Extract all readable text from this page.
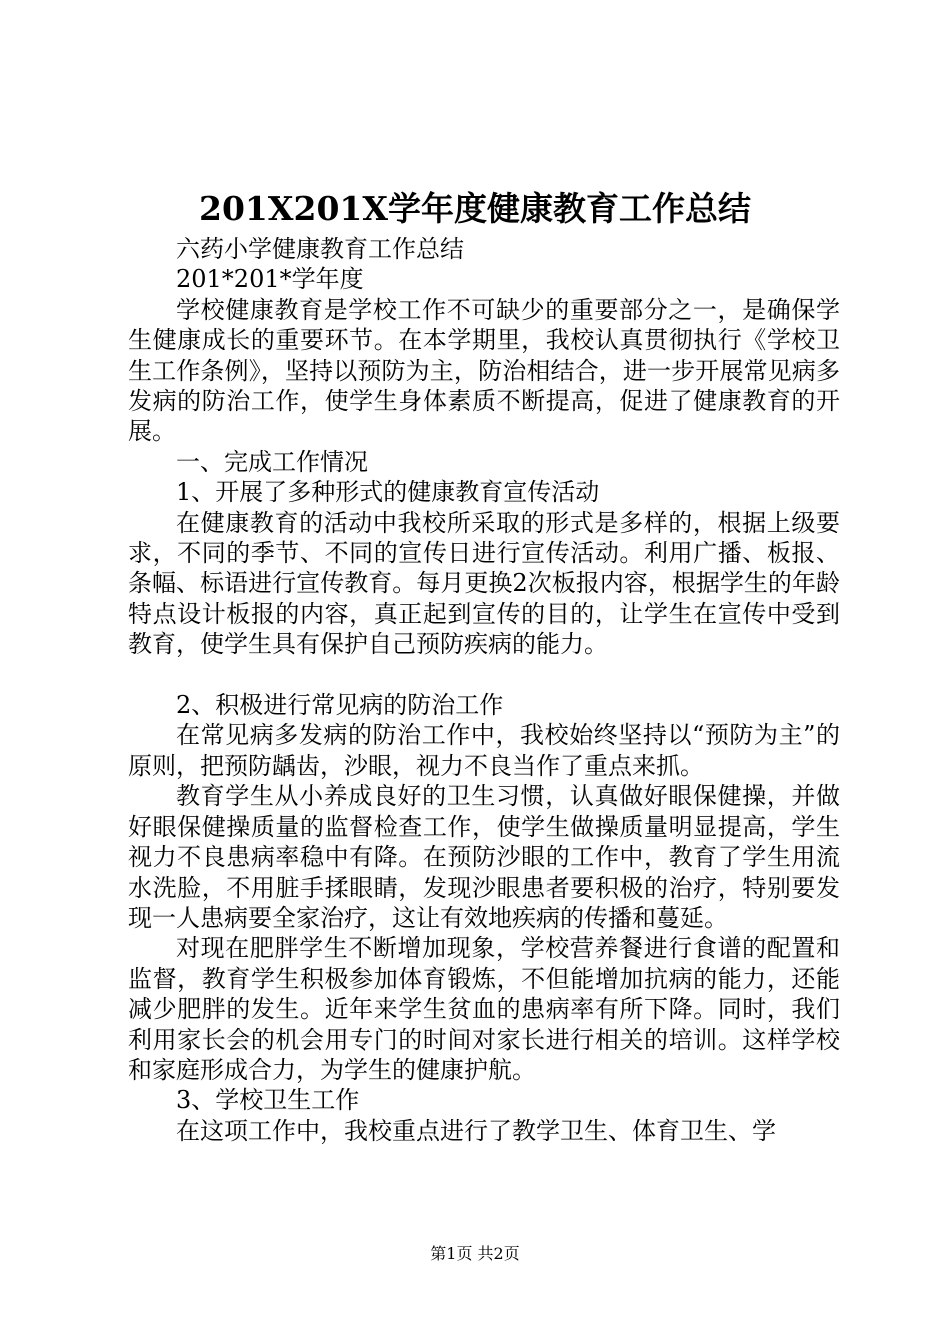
201X201X学年度健康教育工作总结

六药小学健康教育工作总结

201*201*学年度

学校健康教育是学校工作不可缺少的重要部分之一，是确保学生健康成长的重要环节。在本学期里，我校认真贯彻执行《学校卫生工作条例》，坚持以预防为主，防治相结合，进一步开展常见病多发病的防治工作，使学生身体素质不断提高，促进了健康教育的开展。

一、完成工作情况

1、开展了多种形式的健康教育宣传活动

在健康教育的活动中我校所采取的形式是多样的，根据上级要求，不同的季节、不同的宣传日进行宣传活动。利用广播、板报、条幅、标语进行宣传教育。每月更换2次板报内容，根据学生的年龄特点设计板报的内容，真正起到宣传的目的，让学生在宣传中受到教育，使学生具有保护自己预防疾病的能力。

2、积极进行常见病的防治工作

在常见病多发病的防治工作中，我校始终坚持以“预防为主”的原则，把预防龋齿，沙眼，视力不良当作了重点来抓。

教育学生从小养成良好的卫生习惯，认真做好眼保健操，并做好眼保健操质量的监督检查工作，使学生做操质量明显提高，学生视力不良患病率稳中有降。在预防沙眼的工作中，教育了学生用流水洗脸，不用脏手揉眼睛，发现沙眼患者要积极的治疗，特别要发现一人患病要全家治疗，这让有效地疾病的传播和蔓延。

对现在肥胖学生不断增加现象，学校营养餐进行食谱的配置和监督，教育学生积极参加体育锻炼，不但能增加抗病的能力，还能减少肥胖的发生。近年来学生贫血的患病率有所下降。同时，我们利用家长会的机会用专门的时间对家长进行相关的培训。这样学校和家庭形成合力，为学生的健康护航。

3、学校卫生工作

在这项工作中，我校重点进行了教学卫生、体育卫生、学

第1页 共2页
